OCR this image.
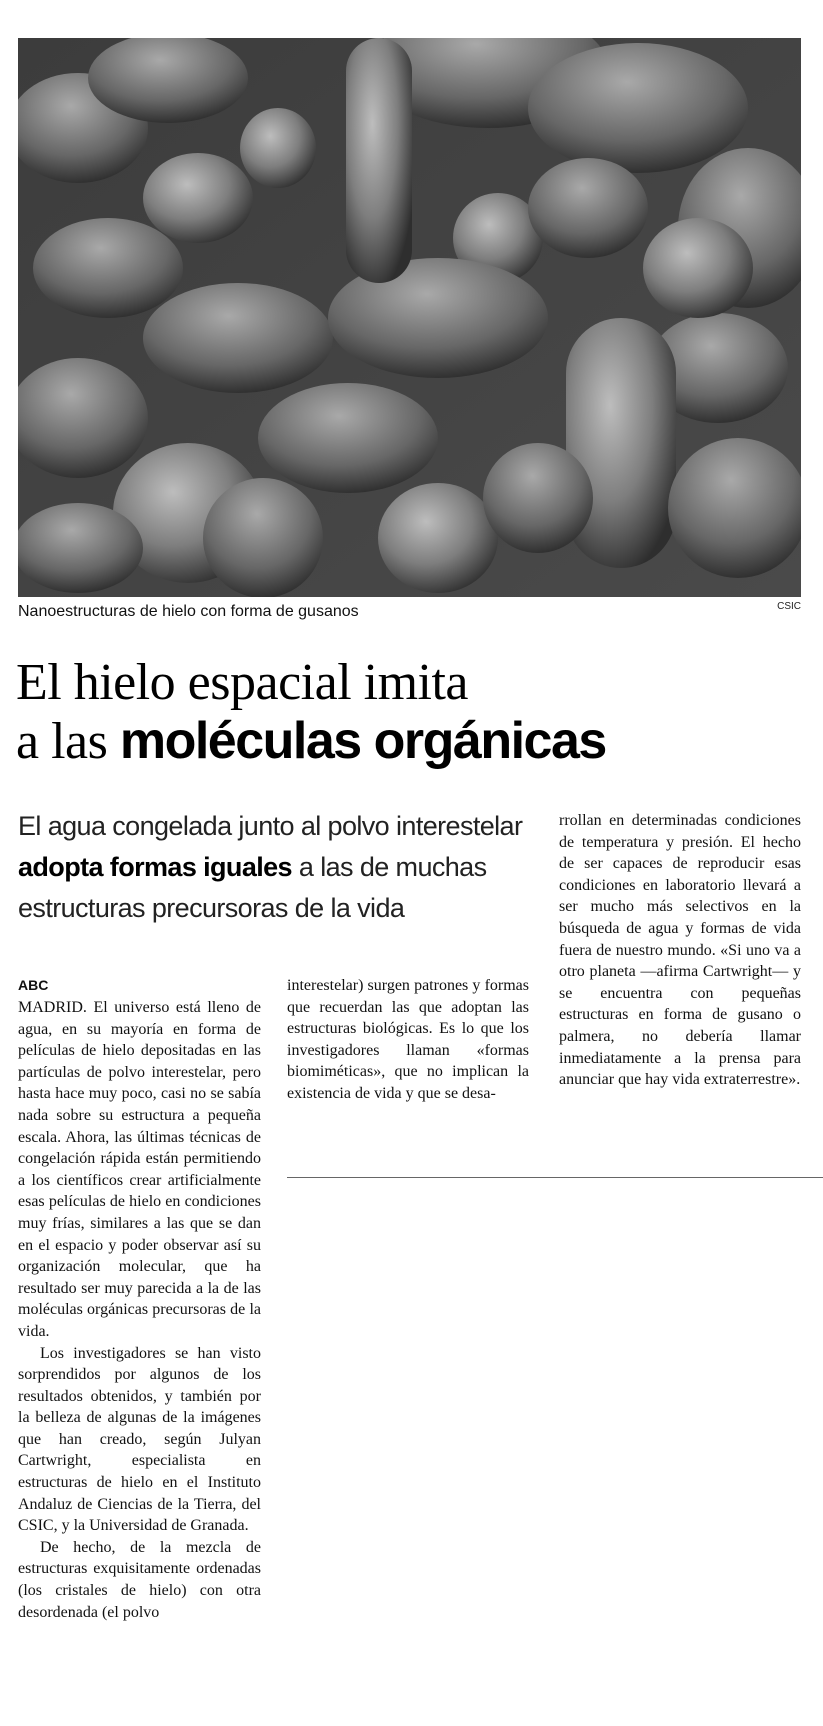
Nanoestructuras de hielo con forma de gusanos	CSIC
El hielo espacial imita
a las moléculas orgánicas
El agua congelada junto al polvo interestelar adopta formas iguales a las de muchas estructuras precursoras de la vida
ABC

MADRID. El universo está lleno de agua, en su mayoría en forma de películas de hielo depositadas en las partículas de polvo interestelar, pero hasta hace muy poco, casi no se sabía nada sobre su estructura a pequeña escala. Ahora, las últimas técnicas de congelación rápida están permitiendo a los científicos crear artificialmente esas películas de hielo en condiciones muy frías, similares a las que se dan en el espacio y poder observar así su organización molecular, que ha resultado ser muy parecida a la de las moléculas orgánicas precursoras de la vida.

Los investigadores se han visto sorprendidos por algunos de los resultados obtenidos, y también por la belleza de algunas de la imágenes que han creado, según Julyan Cartwright, especialista en estructuras de hielo en el Instituto Andaluz de Ciencias de la Tierra, del CSIC, y la Universidad de Granada.

De hecho, de la mezcla de estructuras exquisitamente ordenadas (los cristales de hielo) con otra desordenada (el polvo

interestelar) surgen patrones y formas que recuerdan las que adoptan las estructuras biológicas. Es lo que los investigadores llaman «formas biomiméticas», que no implican la existencia de vida y que se desa-

rrollan en determinadas condiciones de temperatura y presión. El hecho de ser capaces de reproducir esas condiciones en laboratorio llevará a ser mucho más selectivos en la búsqueda de agua y formas de vida fuera de nuestro mundo. «Si uno va a otro planeta —afirma Cartwright— y se encuentra con pequeñas estructuras en forma de gusano o palmera, no debería llamar inmediatamente a la prensa para anunciar que hay vida extraterrestre».
